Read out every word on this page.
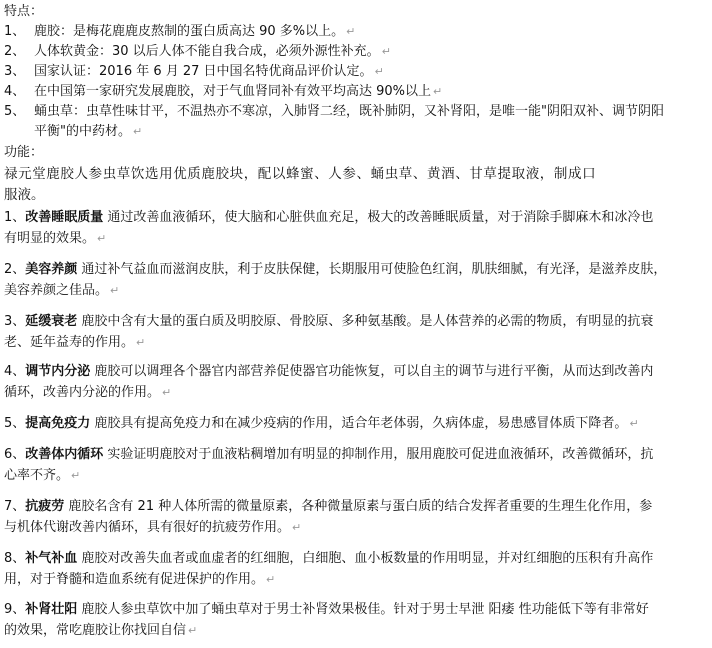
特点：
1、 鹿胶：是梅花鹿鹿皮熬制的蛋白质高达 90 多%以上。 ↵
2、 人体软黄金：30 以后人体不能自我合成，必须外源性补充。 ↵
3、 国家认证：2016 年 6 月 27 日中国名特优商品评价认定。 ↵
4、 在中国第一家研究发展鹿胶，对于气血肾同补有效平均高达 90%以上 ↵
5、 蛹虫草：虫草性味甘平，不温热亦不寒凉，入肺肾二经，既补肺阴，又补肾阳，是唯一能"阴阳双补、调节阴阳
平衡"的中药材。 ↵
功能：
禄元堂鹿胶人参虫草饮选用优质鹿胶块，配以蜂蜜、人参、蛹虫草、黄酒、甘草提取液，制成口
服液。
1、改善睡眠质量 通过改善血液循环，使大脑和心脏供血充足，极大的改善睡眠质量，对于消除手脚麻木和冰冷也
有明显的效果。 ↵
2、美容养颜 通过补气益血而滋润皮肤，利于皮肤保健，长期服用可使脸色红润，肌肤细腻，有光泽，是滋养皮肤，
美容养颜之佳品。 ↵
3、延缓衰老 鹿胶中含有大量的蛋白质及明胶原、骨胶原、多种氨基酸。是人体营养的必需的物质，有明显的抗衰
老、延年益寿的作用。 ↵
4、调节内分泌 鹿胶可以调理各个器官内部营养促使器官功能恢复，可以自主的调节与进行平衡，从而达到改善内
循环，改善内分泌的作用。 ↵
5、提高免疫力 鹿胶具有提高免疫力和在减少疫病的作用，适合年老体弱，久病体虚，易患感冒体质下降者。 ↵
6、改善体内循环 实验证明鹿胶对于血液粘稠增加有明显的抑制作用，服用鹿胶可促进血液循环，改善微循环，抗
心率不齐。 ↵
7、抗疲劳 鹿胶名含有 21 种人体所需的微量原素，各种微量原素与蛋白质的结合发挥者重要的生理生化作用，参
与机体代谢改善内循环，具有很好的抗疲劳作用。 ↵
8、补气补血 鹿胶对改善失血者或血虚者的红细胞，白细胞、血小板数量的作用明显，并对红细胞的压积有升高作
用，对于脊髓和造血系统有促进保护的作用。 ↵
9、补肾壮阳 鹿胶人参虫草饮中加了蛹虫草对于男士补肾效果极佳。针对于男士早泄 阳痿 性功能低下等有非常好
的效果，常吃鹿胶让你找回自信 ↵
